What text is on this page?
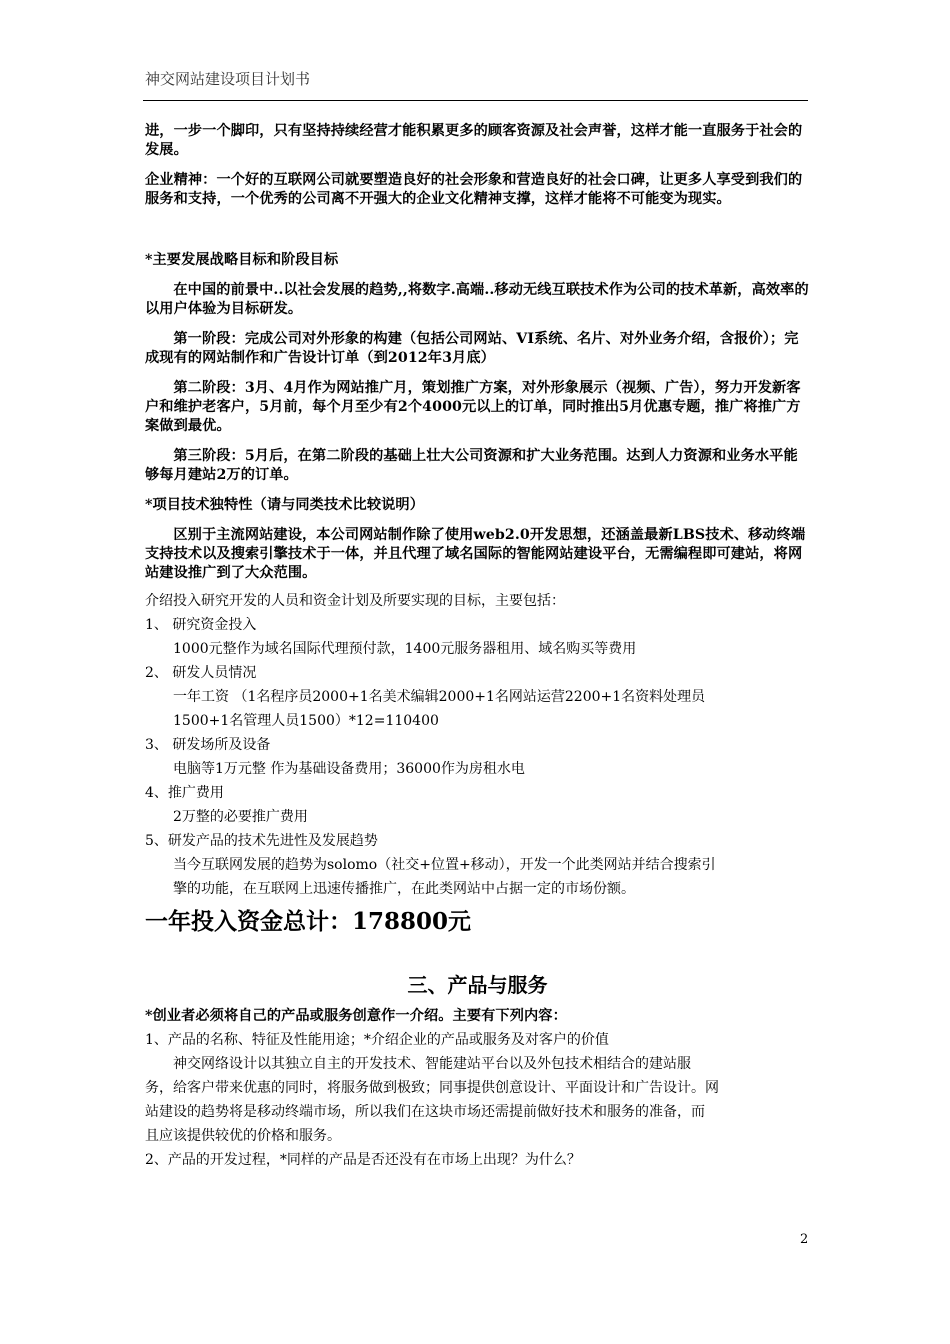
神交网站建设项目计划书

进，一步一个脚印，只有坚持持续经营才能积累更多的顾客资源及社会声誉，这样才能一直服务于社会的发展。

企业精神：一个好的互联网公司就要塑造良好的社会形象和营造良好的社会口碑，让更多人享受到我们的服务和支持，一个优秀的公司离不开强大的企业文化精神支撑，这样才能将不可能变为现实。

*主要发展战略目标和阶段目标

在中国的前景中..以社会发展的趋势,,将数字.高端..移动无线互联技术作为公司的技术革新，高效率的以用户体验为目标研发。

第一阶段：完成公司对外形象的构建（包括公司网站、VI系统、名片、对外业务介绍，含报价）；完成现有的网站制作和广告设计订单（到2012年3月底）

第二阶段：3月、4月作为网站推广月，策划推广方案，对外形象展示（视频、广告），努力开发新客户和维护老客户，5月前，每个月至少有2个4000元以上的订单，同时推出5月优惠专题，推广将推广方案做到最优。

第三阶段：5月后，在第二阶段的基础上壮大公司资源和扩大业务范围。达到人力资源和业务水平能够每月建站2万的订单。

*项目技术独特性（请与同类技术比较说明）

区别于主流网站建设，本公司网站制作除了使用web2.0开发思想，还涵盖最新LBS技术、移动终端支持技术以及搜索引擎技术于一体，并且代理了域名国际的智能网站建设平台，无需编程即可建站，将网站建设推广到了大众范围。

介绍投入研究开发的人员和资金计划及所要实现的目标，主要包括：

1、 研究资金投入

1000元整作为域名国际代理预付款，1400元服务器租用、域名购买等费用

2、 研发人员情况

一年工资 （1名程序员2000+1名美术编辑2000+1名网站运营2200+1名资料处理员

1500+1名管理人员1500）*12=110400

3、 研发场所及设备

电脑等1万元整 作为基础设备费用；36000作为房租水电

4、推广费用

2万整的必要推广费用

5、研发产品的技术先进性及发展趋势

当今互联网发展的趋势为solomo（社交+位置+移动），开发一个此类网站并结合搜索引

擎的功能，在互联网上迅速传播推广，在此类网站中占据一定的市场份额。

一年投入资金总计：178800元

三、产品与服务

*创业者必须将自己的产品或服务创意作一介绍。主要有下列内容：

1、产品的名称、特征及性能用途；*介绍企业的产品或服务及对客户的价值

神交网络设计以其独立自主的开发技术、智能建站平台以及外包技术相结合的建站服

务，给客户带来优惠的同时，将服务做到极致；同事提供创意设计、平面设计和广告设计。网

站建设的趋势将是移动终端市场，所以我们在这块市场还需提前做好技术和服务的准备，而

且应该提供较优的价格和服务。

2、产品的开发过程，*同样的产品是否还没有在市场上出现？为什么？

2
